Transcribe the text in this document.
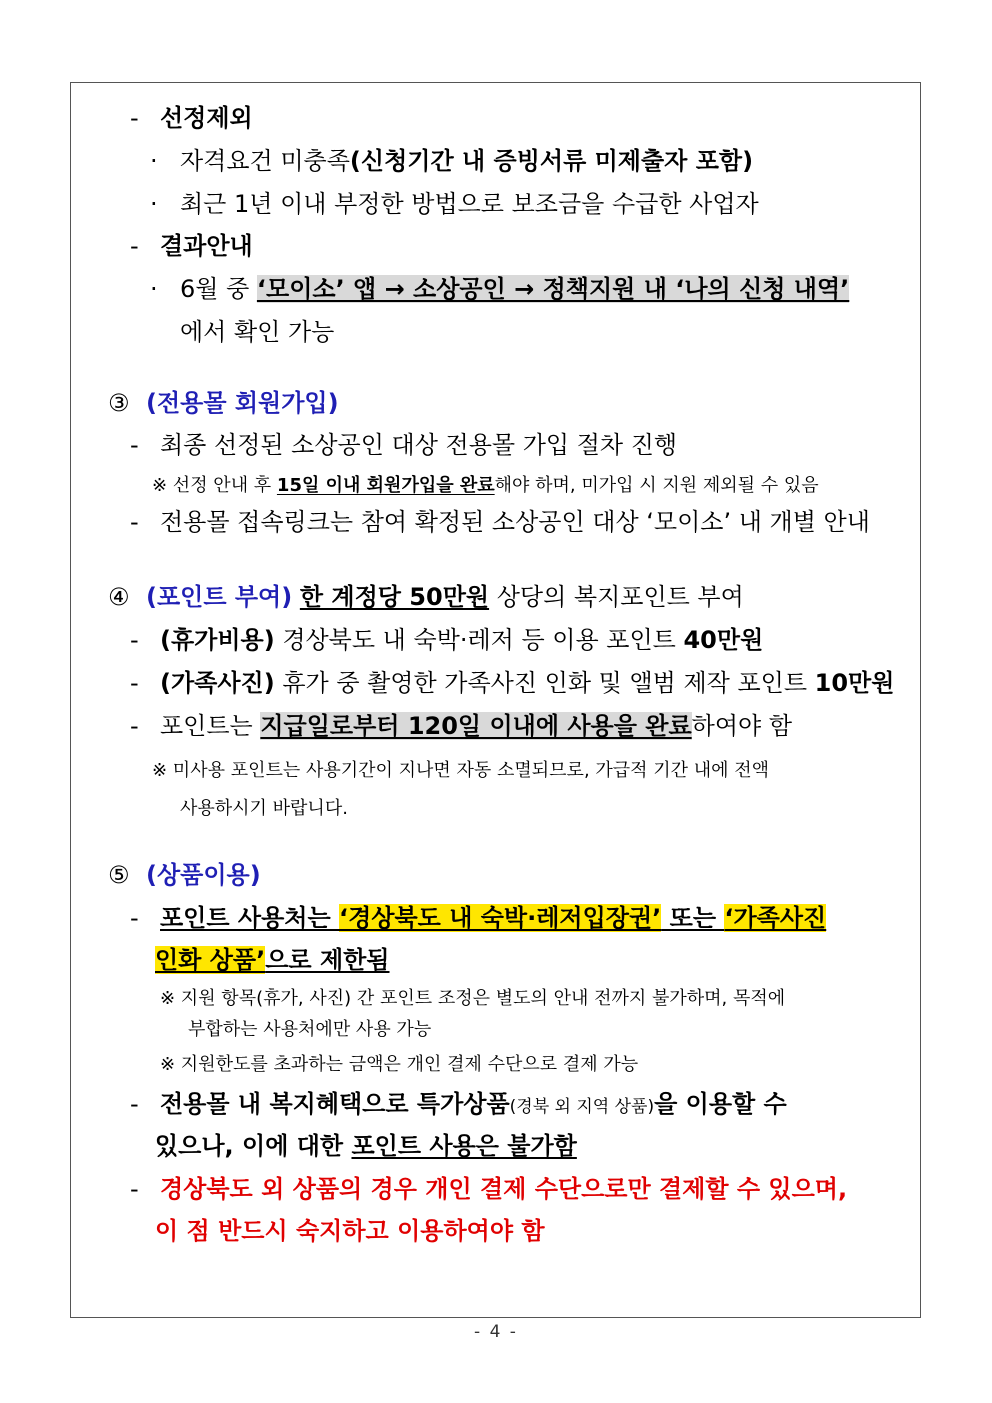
- 선정제외
· 자격요건 미충족(신청기간 내 증빙서류 미제출자 포함)
· 최근 1년 이내 부정한 방법으로 보조금을 수급한 사업자
- 결과안내
· 6월 중 ‘모이소’ 앱 → 소상공인 → 정책지원 내 ‘나의 신청 내역’
에서 확인 가능
③ (전용몰 회원가입)
- 최종 선정된 소상공인 대상 전용몰 가입 절차 진행
※ 선정 안내 후 15일 이내 회원가입을 완료해야 하며, 미가입 시 지원 제외될 수 있음
- 전용몰 접속링크는 참여 확정된 소상공인 대상 ‘모이소’ 내 개별 안내
④ (포인트 부여) 한 계정당 50만원 상당의 복지포인트 부여
- (휴가비용) 경상북도 내 숙박·레저 등 이용 포인트 40만원
- (가족사진) 휴가 중 촬영한 가족사진 인화 및 앨범 제작 포인트 10만원
- 포인트는 지급일로부터 120일 이내에 사용을 완료하여야 함
※ 미사용 포인트는 사용기간이 지나면 자동 소멸되므로, 가급적 기간 내에 전액
사용하시기 바랍니다.
⑤ (상품이용)
- 포인트 사용처는 ‘경상북도 내 숙박·레저입장권’ 또는 ‘가족사진
인화 상품’으로 제한됨
※ 지원 항목(휴가, 사진) 간 포인트 조정은 별도의 안내 전까지 불가하며, 목적에
부합하는 사용처에만 사용 가능
※ 지원한도를 초과하는 금액은 개인 결제 수단으로 결제 가능
- 전용몰 내 복지혜택으로 특가상품(경북 외 지역 상품)을 이용할 수
있으나, 이에 대한 포인트 사용은 불가함
- 경상북도 외 상품의 경우 개인 결제 수단으로만 결제할 수 있으며,
이 점 반드시 숙지하고 이용하여야 함
- 4 -
